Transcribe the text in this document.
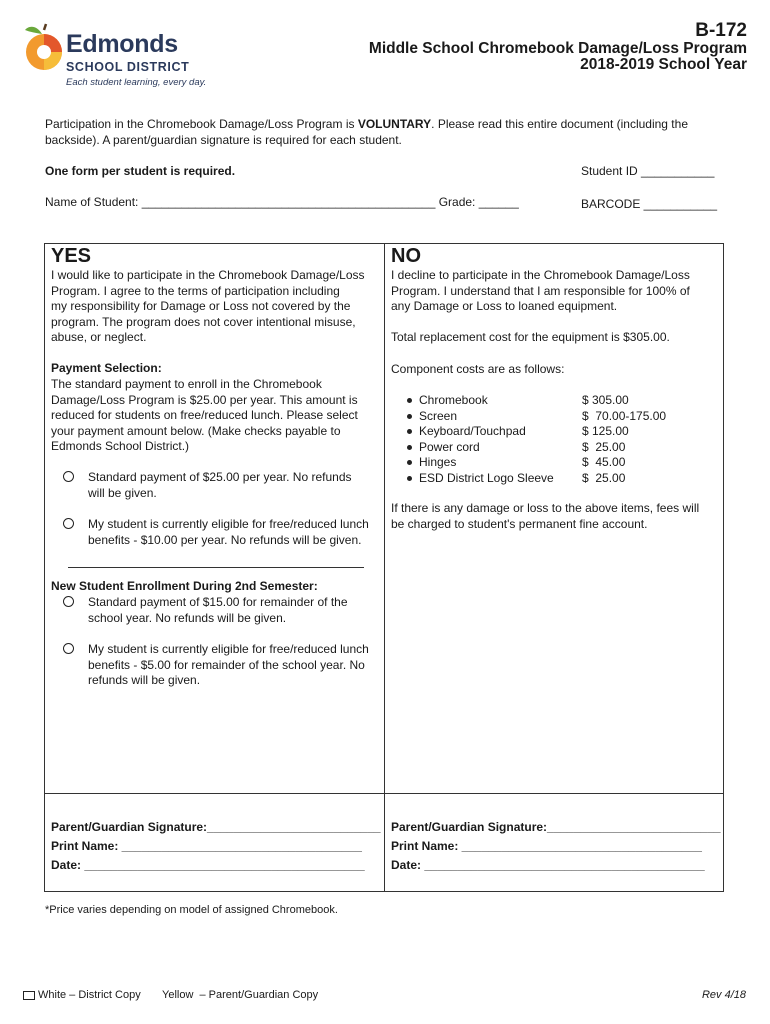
Edmonds
SCHOOL DISTRICT
Each student learning, every day.
B-172
Middle School Chromebook Damage/Loss Program
2018-2019 School Year
Participation in the Chromebook Damage/Loss Program is VOLUNTARY. Please read this entire document (including the backside). A parent/guardian signature is required for each student.
One form per student is required.	Student ID ___________
Name of Student: ____________________________________________ Grade: ______	BARCODE ___________
YES
I would like to participate in the Chromebook Damage/Loss
Program. I agree to the terms of participation including
my responsibility for Damage or Loss not covered by the
program. The program does not cover intentional misuse,
abuse, or neglect.
Payment Selection:
The standard payment to enroll in the Chromebook
Damage/Loss Program is $25.00 per year. This amount is
reduced for students on free/reduced lunch. Please select
your payment amount below. (Make checks payable to
Edmonds School District.)
Standard payment of $25.00 per year. No refunds
will be given.
My student is currently eligible for free/reduced lunch
benefits - $10.00 per year. No refunds will be given.
New Student Enrollment During 2nd Semester:
Standard payment of $15.00 for remainder of the
school year. No refunds will be given.
My student is currently eligible for free/reduced lunch
benefits - $5.00 for remainder of the school year. No
refunds will be given.
NO
I decline to participate in the Chromebook Damage/Loss
Program. I understand that I am responsible for 100% of
any Damage or Loss to loaned equipment.
Total replacement cost for the equipment is $305.00.
Component costs are as follows:
Chromebook	$ 305.00
Screen	$  70.00-175.00
Keyboard/Touchpad	$ 125.00
Power cord	$  25.00
Hinges	$  45.00
ESD District Logo Sleeve $  25.00
If there is any damage or loss to the above items, fees will
be charged to student's permanent fine account.
Parent/Guardian Signature:__________________________
Print Name: ____________________________________
Date: __________________________________________
Parent/Guardian Signature:__________________________
Print Name: ____________________________________
Date: __________________________________________
*Price varies depending on model of assigned Chromebook.
White – District Copy Yellow  – Parent/Guardian Copy	Rev 4/18
